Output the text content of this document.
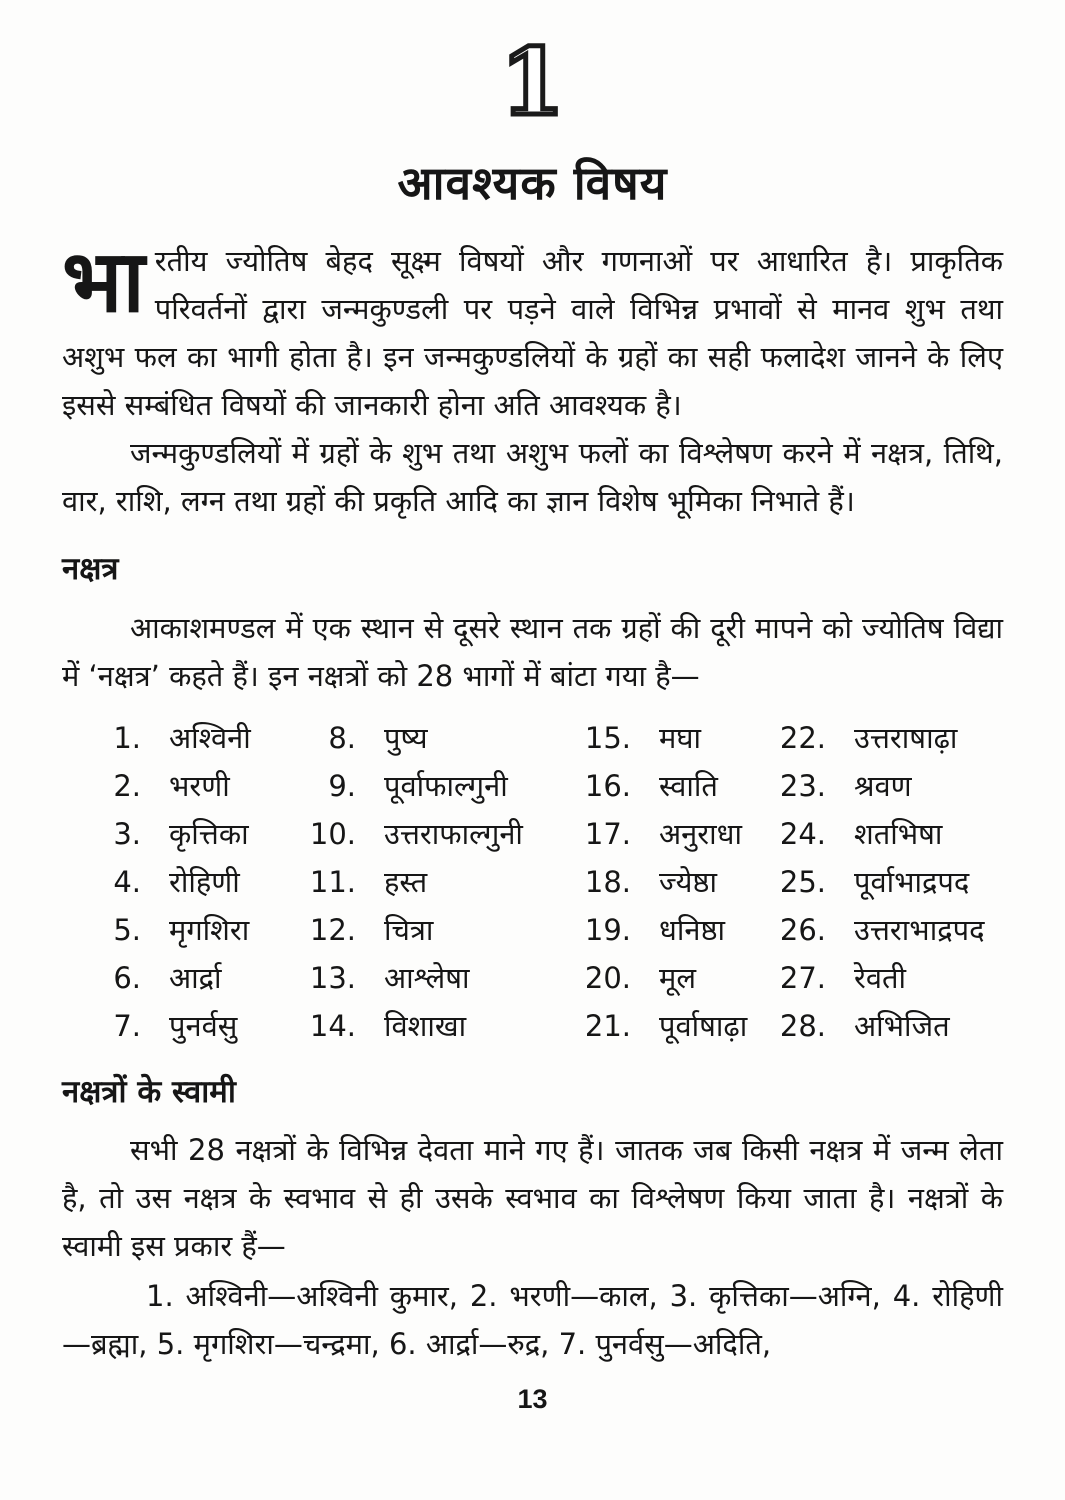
1
आवश्यक विषय

भारतीय ज्योतिष बेहद सूक्ष्म विषयों और गणनाओं पर आधारित है। प्राकृतिक परिवर्तनों द्वारा जन्मकुण्डली पर पड़ने वाले विभिन्न प्रभावों से मानव शुभ तथा अशुभ फल का भागी होता है। इन जन्मकुण्डलियों के ग्रहों का सही फलादेश जानने के लिए इससे सम्बंधित विषयों की जानकारी होना अति आवश्यक है।

जन्मकुण्डलियों में ग्रहों के शुभ तथा अशुभ फलों का विश्लेषण करने में नक्षत्र, तिथि, वार, राशि, लग्न तथा ग्रहों की प्रकृति आदि का ज्ञान विशेष भूमिका निभाते हैं।

नक्षत्र

आकाशमण्डल में एक स्थान से दूसरे स्थान तक ग्रहों की दूरी मापने को ज्योतिष विद्या में ‘नक्षत्र’ कहते हैं। इन नक्षत्रों को 28 भागों में बांटा गया है—

1. अश्विनी	8. पुष्य	15. मघा	22. उत्तराषाढ़ा
2. भरणी	9. पूर्वाफाल्गुनी	16. स्वाति	23. श्रवण
3. कृत्तिका	10. उत्तराफाल्गुनी	17. अनुराधा	24. शतभिषा
4. रोहिणी	11. हस्त	18. ज्येष्ठा	25. पूर्वाभाद्रपद
5. मृगशिरा	12. चित्रा	19. धनिष्ठा	26. उत्तराभाद्रपद
6. आर्द्रा	13. आश्लेषा	20. मूल	27. रेवती
7. पुनर्वसु	14. विशाखा	21. पूर्वाषाढ़ा	28. अभिजित
नक्षत्रों के स्वामी

सभी 28 नक्षत्रों के विभिन्न देवता माने गए हैं। जातक जब किसी नक्षत्र में जन्म लेता है, तो उस नक्षत्र के स्वभाव से ही उसके स्वभाव का विश्लेषण किया जाता है। नक्षत्रों के स्वामी इस प्रकार हैं—

1. अश्विनी—अश्विनी कुमार, 2. भरणी—काल, 3. कृत्तिका—अग्नि, 4. रोहिणी—ब्रह्मा, 5. मृगशिरा—चन्द्रमा, 6. आर्द्रा—रुद्र, 7. पुनर्वसु—अदिति,

13
